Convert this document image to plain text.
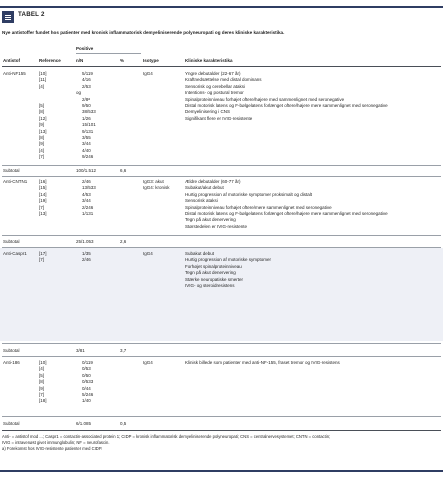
TABEL 2
Nye antistoffer fundet hos patienter med kronisk inflammatorisk demyeliniserende polyneuropati og deres kliniske karakteristika.
Positive
Antistof	Reference	n/N	%	Isotype	Kliniske karakteristika
Anti-NF155	[10]	5/119
[11]	4/16
[4]	2/53
og
2/8ᵃ
[5]	9/50
[8]	38/533
[12]	1/26
[9]	15/101
[13]	9/131
[8]	3/55
[9]	3/44
[4]	4/40
[7]	9/246
IgG4	Yngre debutalder (22-67 år)
Kraftnedsættelse med distal dominans
Sensorisk og cerebellar ataksi
Intentions- og postural tremor
Spinalproteinniveau forhøjet oftere/højere med sammenlignet med seronegative
Distal motorisk latens og F-bølgelatens forlænget oftere/højere mere sammenlignet med seronegative
Demyelinisering i CNS
Signifikant flere er IVIG-resistente
Subtotal	100/1.512	6,6
Anti-CNTN1	[16]	2/46
[15]	13/533
[14]	4/53
[19]	3/44
[7]	2/246
[13]	1/131
IgG3: akut
IgG4: kronisk
Ældre debutalder (60-77 år)
Subakut/akut debut
Hurtig progression af motoriske symptomer proksimalt og distalt
Sensorisk ataksi
Spinalproteinniveau forhøjet oftere/mere sammenlignet med seronegative
Distal motorisk latens og F-bølgelatens forlænget oftere/højere mere sammenlignet med seronegative
Tegn på akut denervering
Størstedelen er IVIG-resistente
Subtotal	25/1.053	2,6
Anti-Caspr1	[17]	1/35
[7]	2/46
IgG4	Subakut debut
Hurtig progression af motoriske symptomer
Forhøjet spinalproteinniveau
Tegn på akut denervering
Stærke neuropatiske smerter
IVIG- og steroidresistens
Subtotal	3/81	3,7
Anti-186	[10]	0/119
[4]	0/53
[5]	0/50
[8]	0/533
[9]	0/44
[7]	5/246
[18]	1/40
IgG4	Klinisk billede som patienter med anti-NF-155, fraset tremor og IVIG-resistens
Subtotal	6/1.085	0,5
Anti- = antistof mod ...; Caspr1 = contactin-associated protein 1; CIDP = kronisk inflammatorisk demyeliniserende polyneuropati; CNS = centralnervesystemet; CNTN = contactin;
IVIG = intravenøst givet immunglobulin; NF = neurofascin.
a) Forekomst hos IVIG-resistente patienter med CIDP.
